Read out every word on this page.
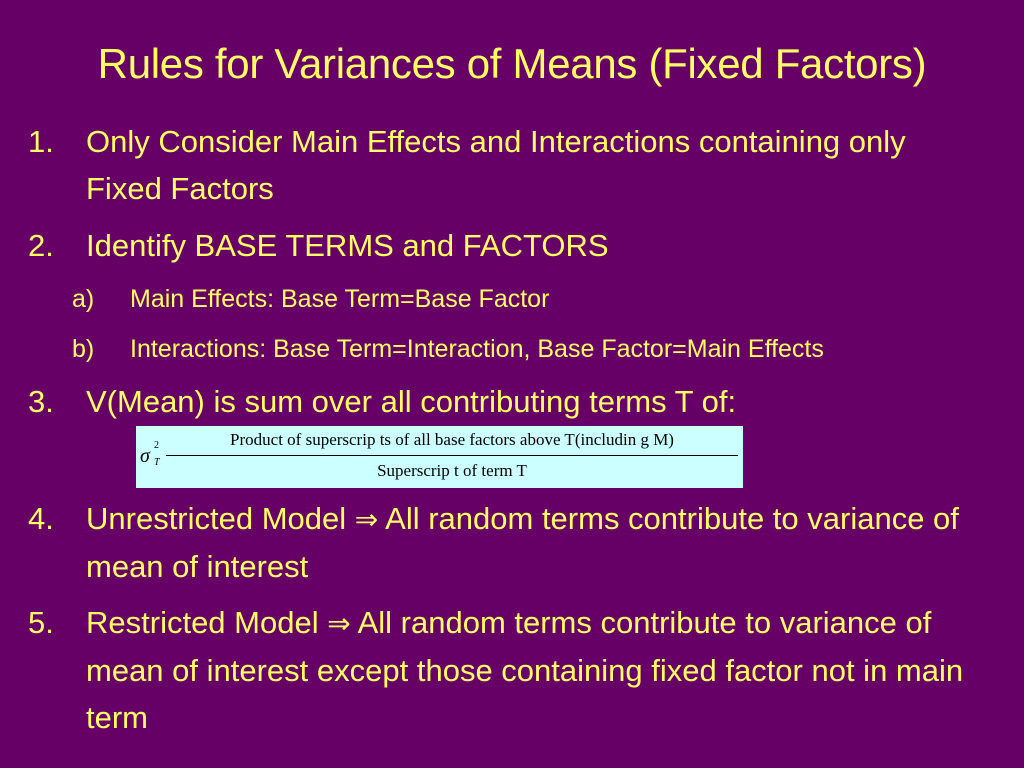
Rules for Variances of Means (Fixed Factors)
1. Only Consider Main Effects and Interactions containing only Fixed Factors
2. Identify BASE TERMS and FACTORS
a) Main Effects: Base Term=Base Factor
b) Interactions: Base Term=Interaction, Base Factor=Main Effects
3. V(Mean) is sum over all contributing terms T of:
σ 2
T
Product of superscrip ts of all base factors above T(includin g M)
Superscrip t of term T
4. Unrestricted Model ⇒ All random terms contribute to variance of mean of interest
5. Restricted Model ⇒ All random terms contribute to variance of mean of interest except those containing fixed factor not in main term
